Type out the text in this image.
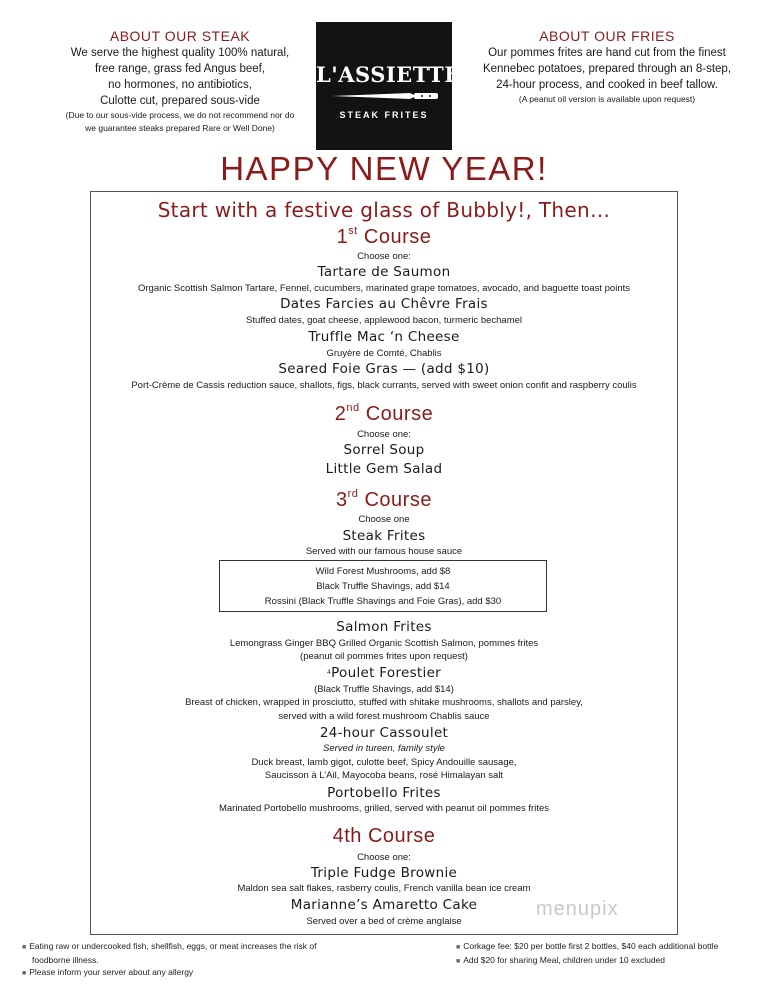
ABOUT OUR STEAK
We serve the highest quality 100% natural,
free range, grass fed Angus beef,
no hormones, no antibiotics,
Culotte cut, prepared sous-vide
(Due to our sous-vide process, we do not recommend nor do
we guarantee steaks prepared Rare or Well Done)
L'ASSIETTE
STEAK FRITES
ABOUT OUR FRIES
Our pommes frites are hand cut from the finest
Kennebec potatoes, prepared through an 8-step,
24-hour process, and cooked in beef tallow.
(A peanut oil version is available upon request)
HAPPY NEW YEAR!
Start with a festive glass of Bubbly!, Then…
1st Course
Choose one:
Tartare de Saumon
Organic Scottish Salmon Tartare, Fennel, cucumbers, marinated grape tomatoes, avocado, and baguette toast points
Dates Farcies au Chêvre Frais
Stuffed dates, goat cheese, applewood bacon, turmeric bechamel
Truffle Mac ‘n Cheese
Gruyère de Comté, Chablis
Seared Foie Gras — (add $10)
Port-Crème de Cassis reduction sauce, shallots, figs, black currants, served with sweet onion confit and raspberry coulis
2nd Course
Choose one:
Sorrel Soup
Little Gem Salad
3rd Course
Choose one
Steak Frites
Served with our famous house sauce
Wild Forest Mushrooms, add $8
Black Truffle Shavings, add $14
Rossini (Black Truffle Shavings and Foie Gras), add $30
Salmon Frites
Lemongrass Ginger BBQ Grilled Organic Scottish Salmon, pommes frites
(peanut oil pommes frites upon request)
$^4$Poulet Forestier
(Black Truffle Shavings, add $14)
Breast of chicken, wrapped in prosciutto, stuffed with shitake mushrooms, shallots and parsley,
served with a wild forest mushroom Chablis sauce
24-hour Cassoulet
Served in tureen, family style
Duck breast, lamb gigot, culotte beef, Spicy Andouille sausage,
Saucisson à L’Ail, Mayocoba beans, rosé Himalayan salt
Portobello Frites
Marinated Portobello mushrooms, grilled, served with peanut oil pommes frites
4th Course
Choose one:
Triple Fudge Brownie
Maldon sea salt flakes, rasberry coulis, French vanilla bean ice cream
Marianne’s Amaretto Cake
Served over a bed of crème anglaise
menupix
■ Eating raw or undercooked fish, shellfish, eggs, or meat increases the risk of
foodborne illness.
■ Please inform your server about any allergy
■ Corkage fee: $20 per bottle first 2 bottles, $40 each additional bottle
■ Add $20 for sharing Meal, children under 10 excluded
